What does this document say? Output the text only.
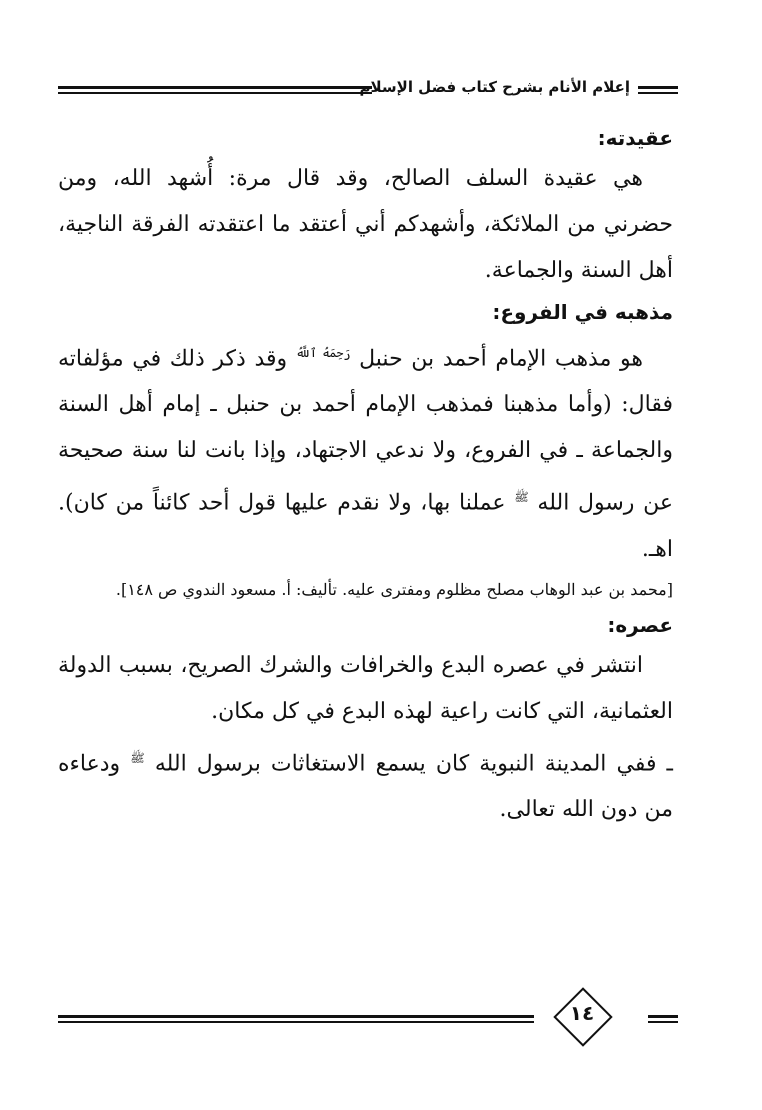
إعلام الأنام بشرح كتاب فضل الإسلام

عقيدته:

هي عقيدة السلف الصالح، وقد قال مرة: أُشهد الله، ومن حضرني من الملائكة، وأشهدكم أني أعتقد ما اعتقدته الفرقة الناجية، أهل السنة والجماعة.

مذهبه في الفروع:

هو مذهب الإمام أحمد بن حنبل $^{رَحِمَهُ ٱللَّهُ}$ وقد ذكر ذلك في مؤلفاته فقال: (وأما مذهبنا فمذهب الإمام أحمد بن حنبل ـ إمام أهل السنة والجماعة ـ في الفروع، ولا ندعي الاجتهاد، وإذا بانت لنا سنة صحيحة عن رسول الله $^ﷺ$ عملنا بها، ولا نقدم عليها قول أحد كائناً من كان). اهـ.

[محمد بن عبد الوهاب مصلح مظلوم ومفترى عليه. تأليف: أ. مسعود الندوي ص ١٤٨].

عصره:

انتشر في عصره البدع والخرافات والشرك الصريح، بسبب الدولة العثمانية، التي كانت راعية لهذه البدع في كل مكان.

ـ ففي المدينة النبوية كان يسمع الاستغاثات برسول الله $^ﷺ$ ودعاءه من دون الله تعالى.

١٤
